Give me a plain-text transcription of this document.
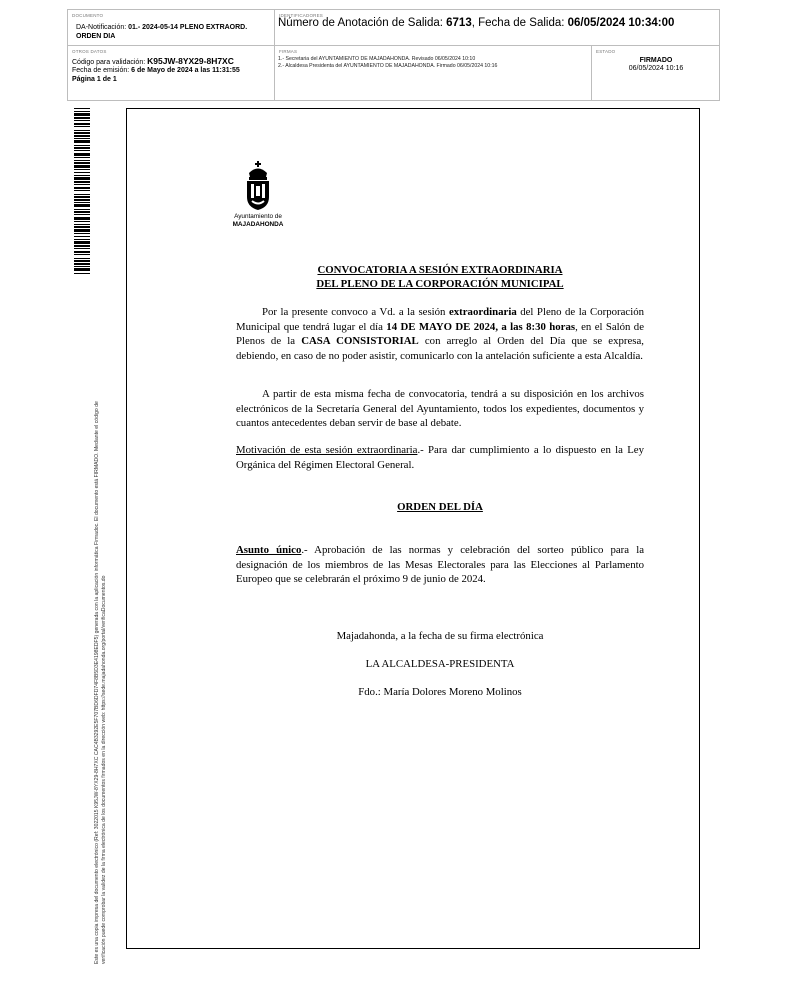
DOCUMENTO
DA-Notificación: 01.- 2024-05-14 PLENO EXTRAORD. ORDEN DIA
IDENTIFICADORES
Número de Anotación de Salida: 6713, Fecha de Salida: 06/05/2024 10:34:00
OTROS DATOS
Código para validación: K95JW-8YX29-8H7XC
Fecha de emisión: 6 de Mayo de 2024 a las 11:31:55
Página 1 de 1
FIRMAS
1.- Secretaria del AYUNTAMIENTO DE MAJADAHONDA. Revisado 06/05/2024 10:10
2.- Alcaldesa Presidenta del AYUNTAMIENTO DE MAJADAHONDA. Firmado 06/05/2024 10:16
ESTADO
FIRMADO
06/05/2024 10:16
Este es una copia impresa del documento electrónico (Ref: 3022015 K95JW-8YX29-8H7XC CAC4B3292E5F707BD6DFD74F8B5D3E4198EDF5) generada con la aplicación informática Firmadoc. El documento está FIRMADO. Mediante el código de verificación puede comprobar la validez de la firma electrónica de los documentos firmados en la dirección web: https://sede.majadahonda.org/portal/verificaDocumentos.do
Ayuntamiento de
MAJADAHONDA
CONVOCATORIA A SESIÓN EXTRAORDINARIA
DEL PLENO DE LA CORPORACIÓN MUNICIPAL
Por la presente convoco a Vd. a la sesión extraordinaria del Pleno de la Corporación Municipal que tendrá lugar el día 14 DE MAYO DE 2024, a las 8:30 horas, en el Salón de Plenos de la CASA CONSISTORIAL con arreglo al Orden del Día que se expresa, debiendo, en caso de no poder asistir, comunicarlo con la antelación suficiente a esta Alcaldía.
A partir de esta misma fecha de convocatoria, tendrá a su disposición en los archivos electrónicos de la Secretaría General del Ayuntamiento, todos los expedientes, documentos y cuantos antecedentes deban servir de base al debate.
Motivación de esta sesión extraordinaria.- Para dar cumplimiento a lo dispuesto en la Ley Orgánica del Régimen Electoral General.
ORDEN DEL DÍA
Asunto único.- Aprobación de las normas y celebración del sorteo público para la designación de los miembros de las Mesas Electorales para las Elecciones al Parlamento Europeo que se celebrarán el próximo 9 de junio de 2024.
Majadahonda, a la fecha de su firma electrónica
LA ALCALDESA-PRESIDENTA
Fdo.: María Dolores Moreno Molinos
